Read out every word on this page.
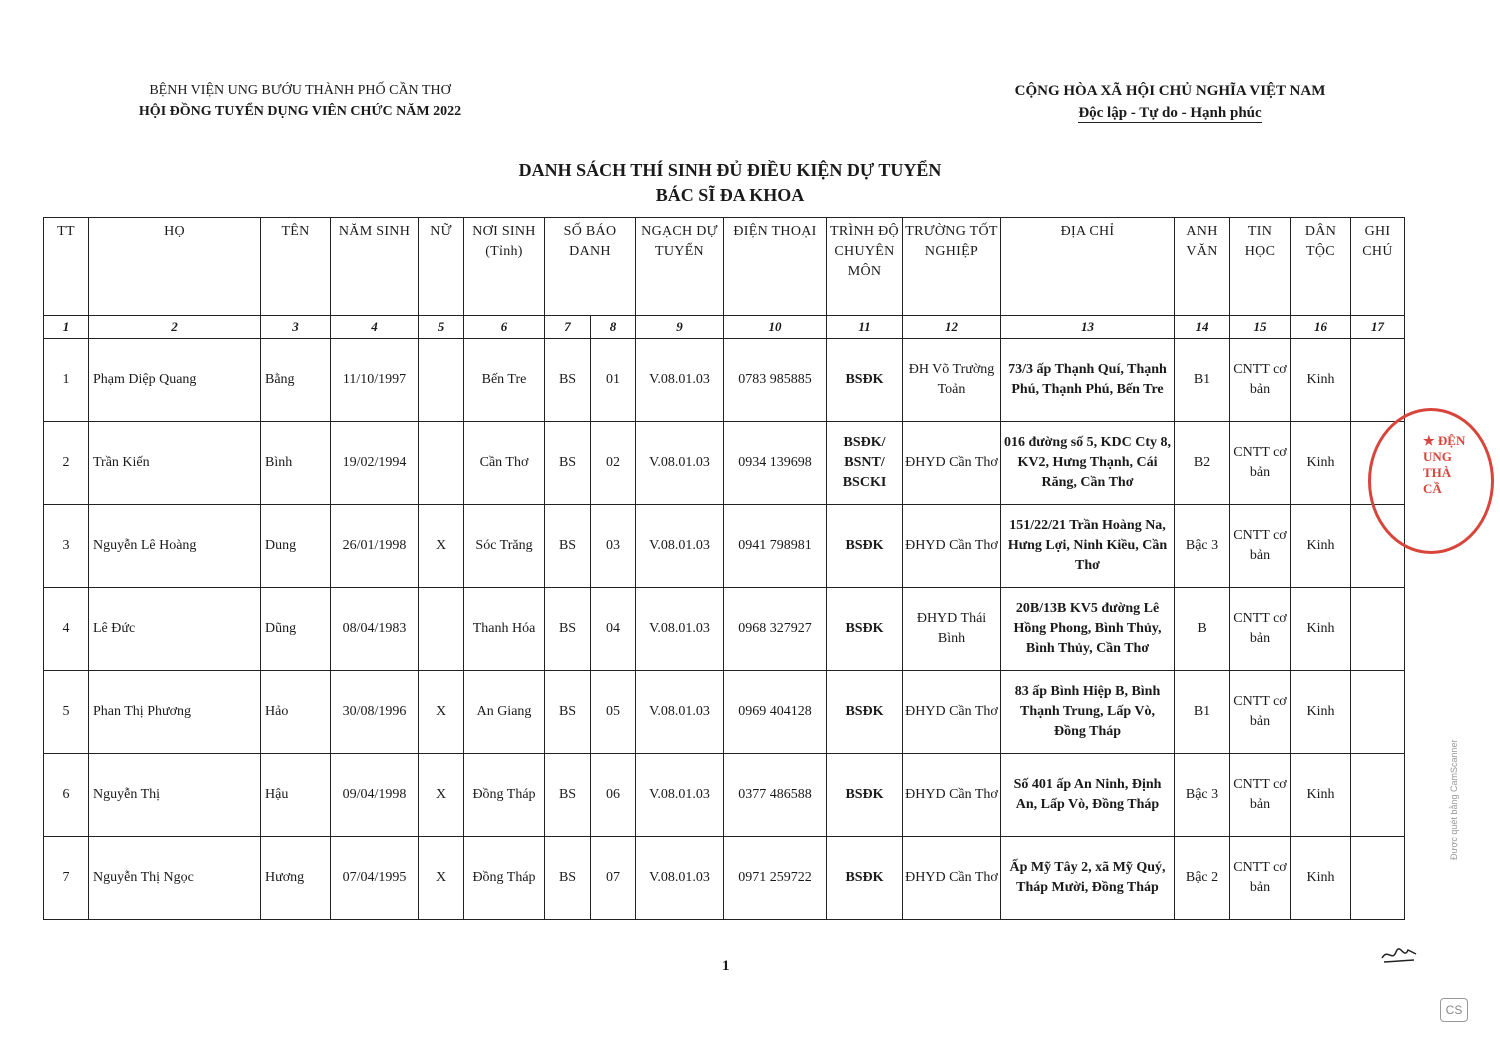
BỆNH VIỆN UNG BƯỚU THÀNH PHỐ CẦN THƠ
HỘI ĐỒNG TUYỂN DỤNG VIÊN CHỨC NĂM 2022
CỘNG HÒA XÃ HỘI CHỦ NGHĨA VIỆT NAM
Độc lập - Tự do - Hạnh phúc
DANH SÁCH THÍ SINH ĐỦ ĐIỀU KIỆN DỰ TUYỂN
BÁC SĨ ĐA KHOA
TT	HỌ	TÊN	NĂM SINH	NỮ	NƠI SINH (Tỉnh)	SỐ BÁO DANH		NGẠCH DỰ TUYỂN	ĐIỆN THOẠI	TRÌNH ĐỘ CHUYÊN MÔN	TRƯỜNG TỐT NGHIỆP	ĐỊA CHỈ	ANH VĂN	TIN HỌC	DÂN TỘC	GHI CHÚ
1	2	3	4	5	6	7	8	9	10	11	12	13	14	15	16	17
1	Phạm Diệp Quang	Bằng	11/10/1997		Bến Tre	BS	01	V.08.01.03	0783 985885	BSĐK	ĐH Võ Trường Toản	73/3 ấp Thạnh Quí, Thạnh Phú, Thạnh Phú, Bến Tre	B1	CNTT cơ bản	Kinh	
2	Trần Kiến	Bình	19/02/1994		Cần Thơ	BS	02	V.08.01.03	0934 139698	BSĐK/ BSNT/ BSCKI	ĐHYD Cần Thơ	016 đường số 5, KDC Cty 8, KV2, Hưng Thạnh, Cái Răng, Cần Thơ	B2	CNTT cơ bản	Kinh	
3	Nguyễn Lê Hoàng	Dung	26/01/1998	X	Sóc Trăng	BS	03	V.08.01.03	0941 798981	BSĐK	ĐHYD Cần Thơ	151/22/21 Trần Hoàng Na, Hưng Lợi, Ninh Kiều, Cần Thơ	Bậc 3	CNTT cơ bản	Kinh	
4	Lê Đức	Dũng	08/04/1983		Thanh Hóa	BS	04	V.08.01.03	0968 327927	BSĐK	ĐHYD Thái Bình	20B/13B KV5 đường Lê Hồng Phong, Bình Thủy, Bình Thủy, Cần Thơ	B	CNTT cơ bản	Kinh	
5	Phan Thị Phương	Hảo	30/08/1996	X	An Giang	BS	05	V.08.01.03	0969 404128	BSĐK	ĐHYD Cần Thơ	83 ấp Bình Hiệp B, Bình Thạnh Trung, Lấp Vò, Đồng Tháp	B1	CNTT cơ bản	Kinh	
6	Nguyễn Thị	Hậu	09/04/1998	X	Đồng Tháp	BS	06	V.08.01.03	0377 486588	BSĐK	ĐHYD Cần Thơ	Số 401 ấp An Ninh, Định An, Lấp Vò, Đồng Tháp	Bậc 3	CNTT cơ bản	Kinh	
7	Nguyễn Thị Ngọc	Hương	07/04/1995	X	Đồng Tháp	BS	07	V.08.01.03	0971 259722	BSĐK	ĐHYD Cần Thơ	Ấp Mỹ Tây 2, xã Mỹ Quý, Tháp Mười, Đồng Tháp	Bậc 2	CNTT cơ bản	Kinh	
★ ĐỆN
UNG
THÀ
CẦ
1
Được quét bằng CamScanner
CS
